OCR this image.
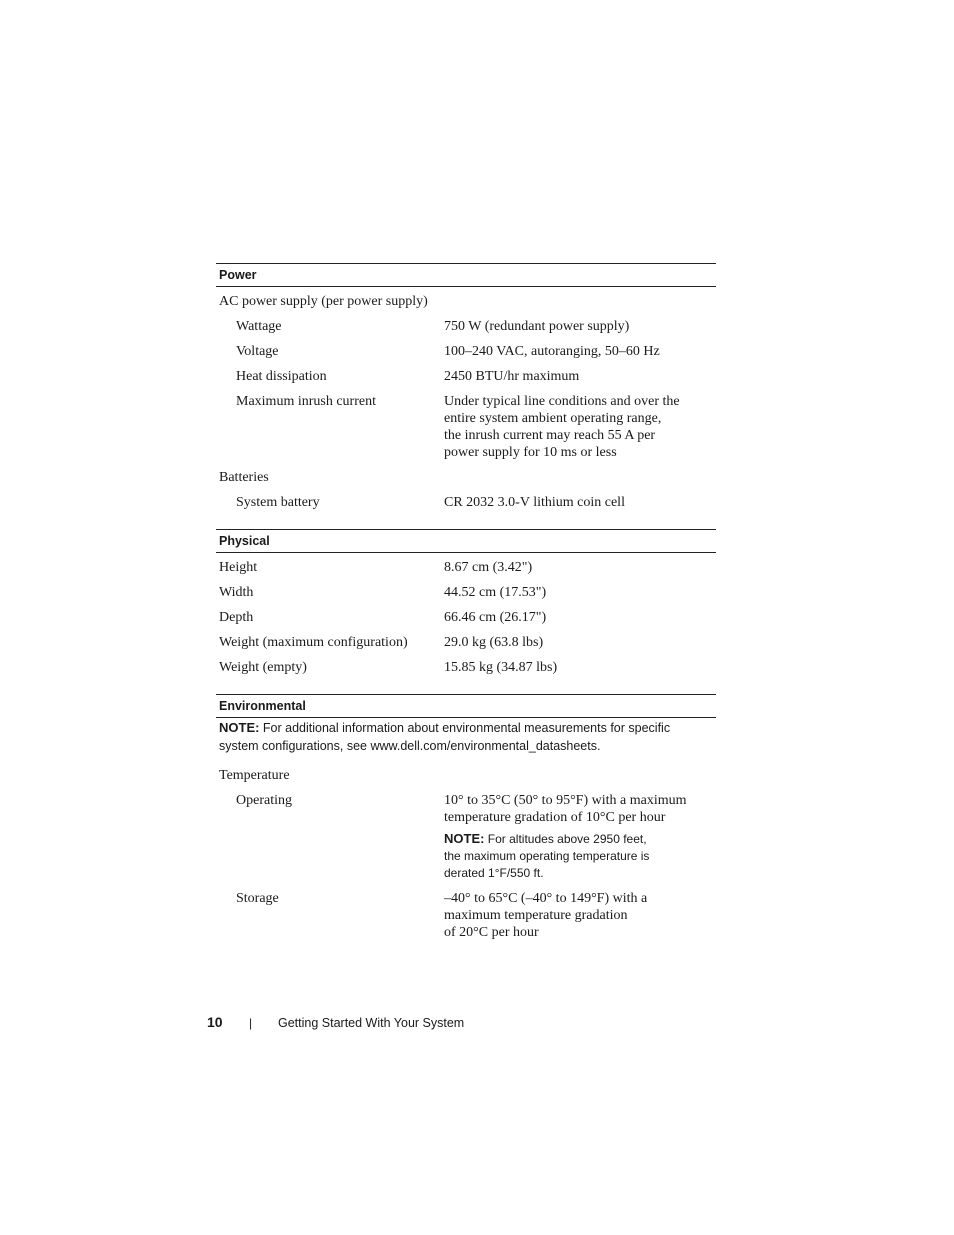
Power
AC power supply (per power supply)
Wattage	750 W (redundant power supply)
Voltage	100–240 VAC, autoranging, 50–60 Hz
Heat dissipation	2450 BTU/hr maximum
Maximum inrush current	Under typical line conditions and over the
entire system ambient operating range,
the inrush current may reach 55 A per
power supply for 10 ms or less
Batteries
System battery	CR 2032 3.0-V lithium coin cell
Physical
Height	8.67 cm (3.42")
Width	44.52 cm (17.53")
Depth	66.46 cm (26.17")
Weight (maximum configuration)	29.0 kg (63.8 lbs)
Weight (empty)	15.85 kg (34.87 lbs)
Environmental
NOTE: For additional information about environmental measurements for specific system configurations, see www.dell.com/environmental_datasheets.
Temperature
Operating	10° to 35°C (50° to 95°F) with a maximum
temperature gradation of 10°C per hour
NOTE: For altitudes above 2950 feet,
the maximum operating temperature is
derated 1°F/550 ft.
Storage	–40° to 65°C (–40° to 149°F) with a
maximum temperature gradation
of 20°C per hour
10 | Getting Started With Your System
